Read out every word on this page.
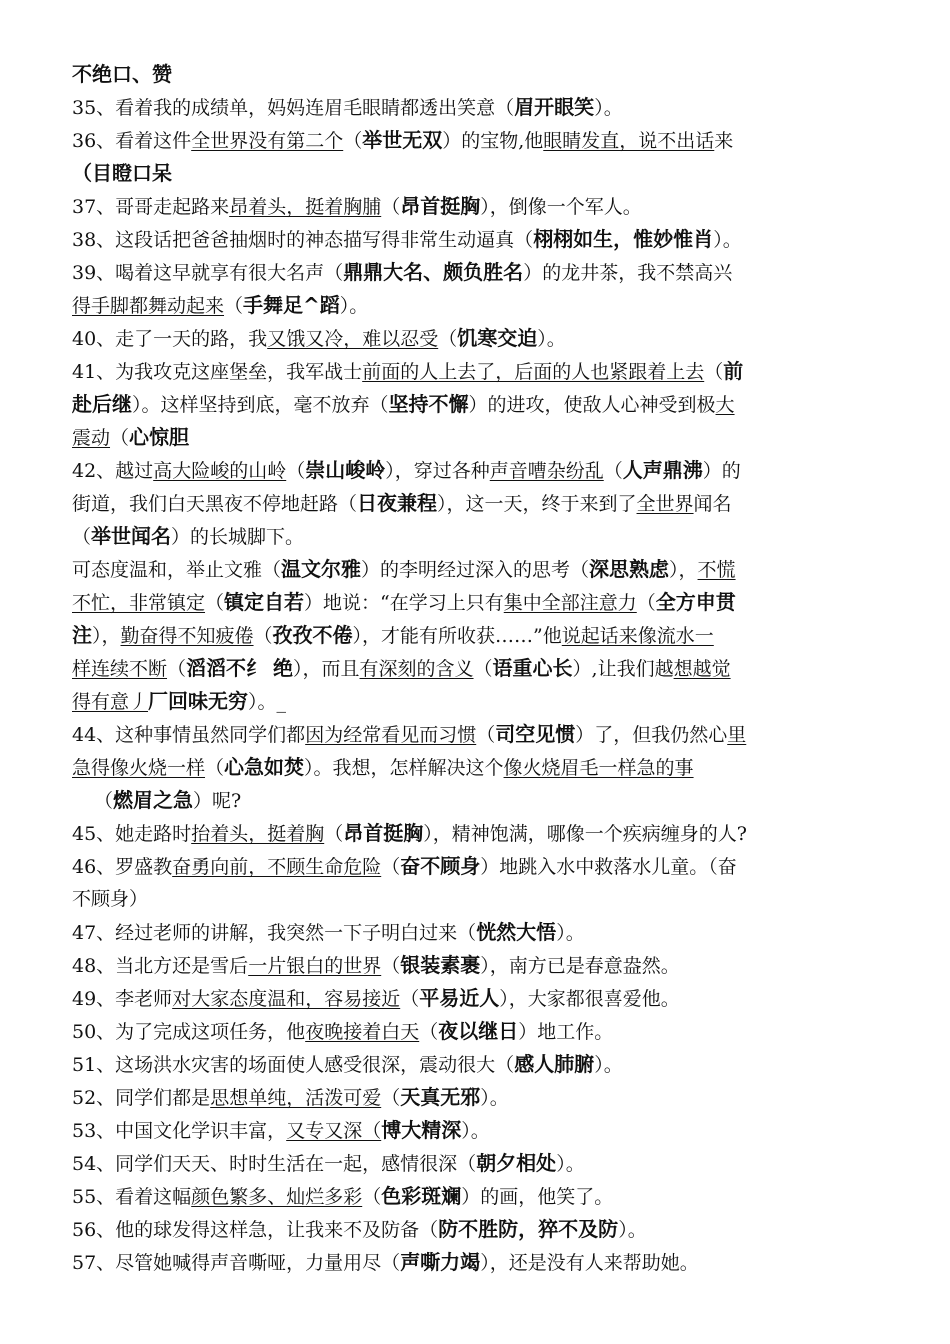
不绝口、赞
35、看着我的成绩单，妈妈连眉毛眼睛都透出笑意（眉开眼笑）。
36、看着这件全世界没有第二个（举世无双）的宝物,他眼睛发直，说不出话来
（目瞪口呆
37、哥哥走起路来昂着头，挺着胸脯（昂首挺胸），倒像一个军人。
38、这段话把爸爸抽烟时的神态描写得非常生动逼真（栩栩如生，惟妙惟肖）。
39、喝着这早就享有很大名声（鼎鼎大名、颇负胜名）的龙井茶，我不禁高兴
得手脚都舞动起来（手舞足^蹈）。
40、走了一天的路，我又饿又冷，难以忍受（饥寒交迫）。
41、为我攻克这座堡垒，我军战士前面的人上去了，后面的人也紧跟着上去（前
赴后继）。这样坚持到底，毫不放弃（坚持不懈）的进攻，使敌人心神受到极大
震动（心惊胆
42、越过高大险峻的山岭（崇山峻岭），穿过各种声音嘈杂纷乱（人声鼎沸）的
街道，我们白天黑夜不停地赶路（日夜兼程），这一天，终于来到了全世界闻名
（举世闻名）的长城脚下。
可态度温和，举止文雅（温文尔雅）的李明经过深入的思考（深思熟虑），不慌
不忙，非常镇定（镇定自若）地说：“在学习上只有集中全部注意力（全方申贯
注），勤奋得不知疲倦（孜孜不倦），才能有所收获……”他说起话来像流水一
样连续不断（滔滔不纟 绝），而且有深刻的含义（语重心长）,让我们越想越觉
得有意丿厂回味无穷）。_
44、这种事情虽然同学们都因为经常看见而习惯（司空见惯）了，但我仍然心里
急得像火烧一样（心急如焚）。我想，怎样解决这个像火烧眉毛一样急的事
（燃眉之急）呢?
45、她走路时抬着头，挺着胸（昂首挺胸），精神饱满，哪像一个疾病缠身的人?
46、罗盛教奋勇向前，不顾生命危险（奋不顾身）地跳入水中救落水儿童。（奋
不顾身）
47、经过老师的讲解，我突然一下子明白过来（恍然大悟）。
48、当北方还是雪后一片银白的世界（银装素裹），南方已是春意盎然。
49、李老师对大家态度温和，容易接近（平易近人），大家都很喜爱他。
50、为了完成这项任务，他夜晚接着白天（夜以继日）地工作。
51、这场洪水灾害的场面使人感受很深，震动很大（感人肺腑）。
52、同学们都是思想单纯，活泼可爱（天真无邪）。
53、中国文化学识丰富，又专又深（博大精深）。
54、同学们天天、时时生活在一起，感情很深（朝夕相处）。
55、看着这幅颜色繁多、灿烂多彩（色彩斑斓）的画，他笑了。
56、他的球发得这样急，让我来不及防备（防不胜防，猝不及防）。
57、尽管她喊得声音嘶哑，力量用尽（声嘶力竭），还是没有人来帮助她。
